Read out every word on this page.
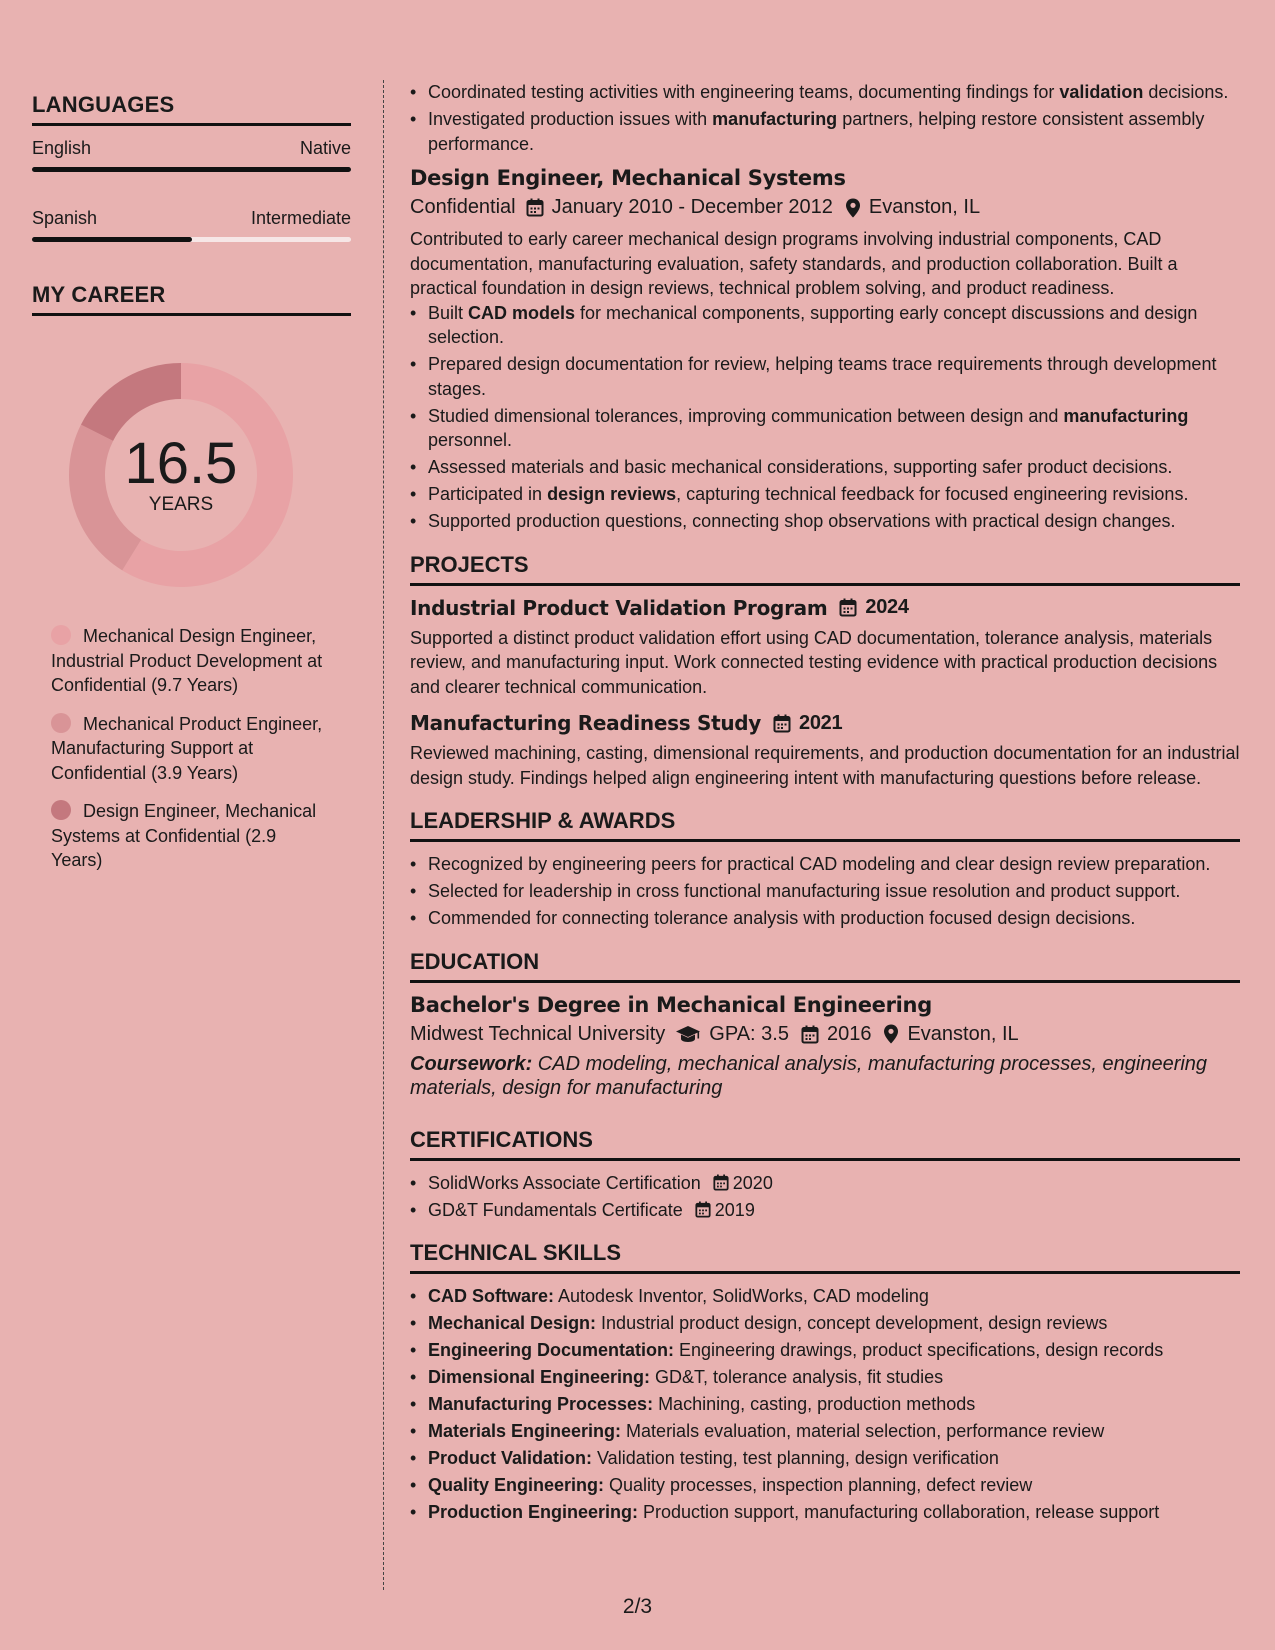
LANGUAGES
English	Native
Spanish	Intermediate
MY CAREER
16.5
YEARS
Mechanical Design Engineer, Industrial Product Development at Confidential (9.7 Years)
Mechanical Product Engineer, Manufacturing Support at Confidential (3.9 Years)
Design Engineer, Mechanical Systems at Confidential (2.9 Years)
• Coordinated testing activities with engineering teams, documenting findings for validation decisions.
• Investigated production issues with manufacturing partners, helping restore consistent assembly performance.
Design Engineer, Mechanical Systems
Confidential January 2010 - December 2012 Evanston, IL
Contributed to early career mechanical design programs involving industrial components, CAD documentation, manufacturing evaluation, safety standards, and production collaboration. Built a practical foundation in design reviews, technical problem solving, and product readiness.
• Built CAD models for mechanical components, supporting early concept discussions and design selection.
• Prepared design documentation for review, helping teams trace requirements through development stages.
• Studied dimensional tolerances, improving communication between design and manufacturing personnel.
• Assessed materials and basic mechanical considerations, supporting safer product decisions.
• Participated in design reviews, capturing technical feedback for focused engineering revisions.
• Supported production questions, connecting shop observations with practical design changes.
PROJECTS
Industrial Product Validation Program 2024
Supported a distinct product validation effort using CAD documentation, tolerance analysis, materials review, and manufacturing input. Work connected testing evidence with practical production decisions and clearer technical communication.
Manufacturing Readiness Study 2021
Reviewed machining, casting, dimensional requirements, and production documentation for an industrial design study. Findings helped align engineering intent with manufacturing questions before release.
LEADERSHIP & AWARDS
• Recognized by engineering peers for practical CAD modeling and clear design review preparation.
• Selected for leadership in cross functional manufacturing issue resolution and product support.
• Commended for connecting tolerance analysis with production focused design decisions.
EDUCATION
Bachelor's Degree in Mechanical Engineering
Midwest Technical University GPA: 3.5 2016 Evanston, IL
Coursework: CAD modeling, mechanical analysis, manufacturing processes, engineering materials, design for manufacturing
CERTIFICATIONS
• SolidWorks Associate Certification 2020
• GD&T Fundamentals Certificate 2019
TECHNICAL SKILLS
• CAD Software: Autodesk Inventor, SolidWorks, CAD modeling
• Mechanical Design: Industrial product design, concept development, design reviews
• Engineering Documentation: Engineering drawings, product specifications, design records
• Dimensional Engineering: GD&T, tolerance analysis, fit studies
• Manufacturing Processes: Machining, casting, production methods
• Materials Engineering: Materials evaluation, material selection, performance review
• Product Validation: Validation testing, test planning, design verification
• Quality Engineering: Quality processes, inspection planning, defect review
• Production Engineering: Production support, manufacturing collaboration, release support
2/3
